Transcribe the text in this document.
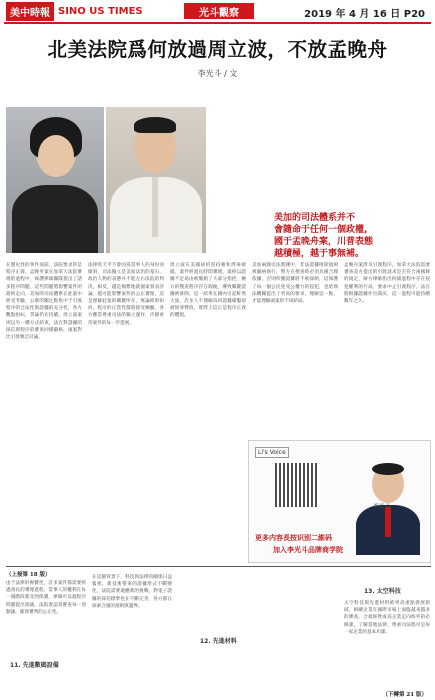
美中時報 SINO US TIMES	光斗觀察	2019 年 4 月 16 日 P20
北美法院爲何放過周立波，不放孟晚舟
李光斗 / 文
美加的司法體系并不
會隨命于任何一個政權,
國于孟晚舟案，川普表態
越積極，越于事無補。
在歷史性的事件面前，法院要求的是程序正義，孟晚舟案在加拿大法院審理的過程中，辯護律師團隊提出了諸多程序問題，這些問題將影響案件的最終走向，美加的司法體系在此案中經受考驗，公眾的關注點集中于引渡程序的合法性與證據的充分性，各方觀點紛紜，爭論仍在持續。周立波案則以另一種方式結束，法官對證據的採信與程序的審查同樣嚴格，兩案對比引發廣泛討論。
法律的天平不會因爲當事人的身份而傾斜，司法獨立是美加法治的基石，政治人物的表態并不能左右法院的判決，相反，越是頻繁地就個案發表評論，越可能影響案件的公正審理，這是理解此案的關鍵所在，無論結果如何，程序的正當性都將接受檢驗，各方應當尊重司法的獨立運作，冷靜看待案件的每一步進展。
周立波在美國紐約因持槍和涉毒被捕，案件經過長時間審理，最終以證據不足爲由被撤銷了大部分指控，檢方的搜查程序存在瑕疵，導致關鍵證據被排除，這一結果在國內引起軒然大波，許多人不理解爲何證據確鑿卻被無罪釋放，實際上這正是程序正義的體現。
美加兩國司法實踐中，非法證據排除規則被嚴格執行，警方在搜查時必須具備合理依據，否則所獲證據將不被採納，這保護了每一個公民免受公權力的侵犯，也給執法機關提出了更高的要求，理解這一點，才能理解兩案的不同結局。
孟晚舟案涉及引渡程序，加拿大法院需要審查美方提出的引渡請求是否符合兩國條約規定，辯方律師指出拘捕過程中存在侵犯權利的行爲，要求中止引渡程序，法官將根據證據作出裁決，這一過程可能持續數年之久。
Li's Voice
李光斗
更多内容長按识别二維码
加入李光斗品牌商学院
（上接第 18 版）
由于法律的複雜性，許多案件都需要經過漫長的審理過程，當事人的權利在每一個階段都受到保護，律師可以就程序問題提出異議，法院會認真審查每一項動議，確保審判的公正性。
11. 先進數碼設備
在這個背景下，科技與法律的關係日益緊密，新技術帶來的證據形式不斷變化，法院需要適應新的挑戰，對電子證據的採信標準也在不斷完善，各方都在探索合適的規則與邊界。
12. 先進材料
13. 太空科技
太空科技與先進材料被列爲重點發展領域，相關企業在國際市場上面臨越來越多的審查，合規經營成爲企業走向海外的必修課，了解當地法律、尊重司法程序是每一家企業的基本功課。
（下轉第 21 版）
